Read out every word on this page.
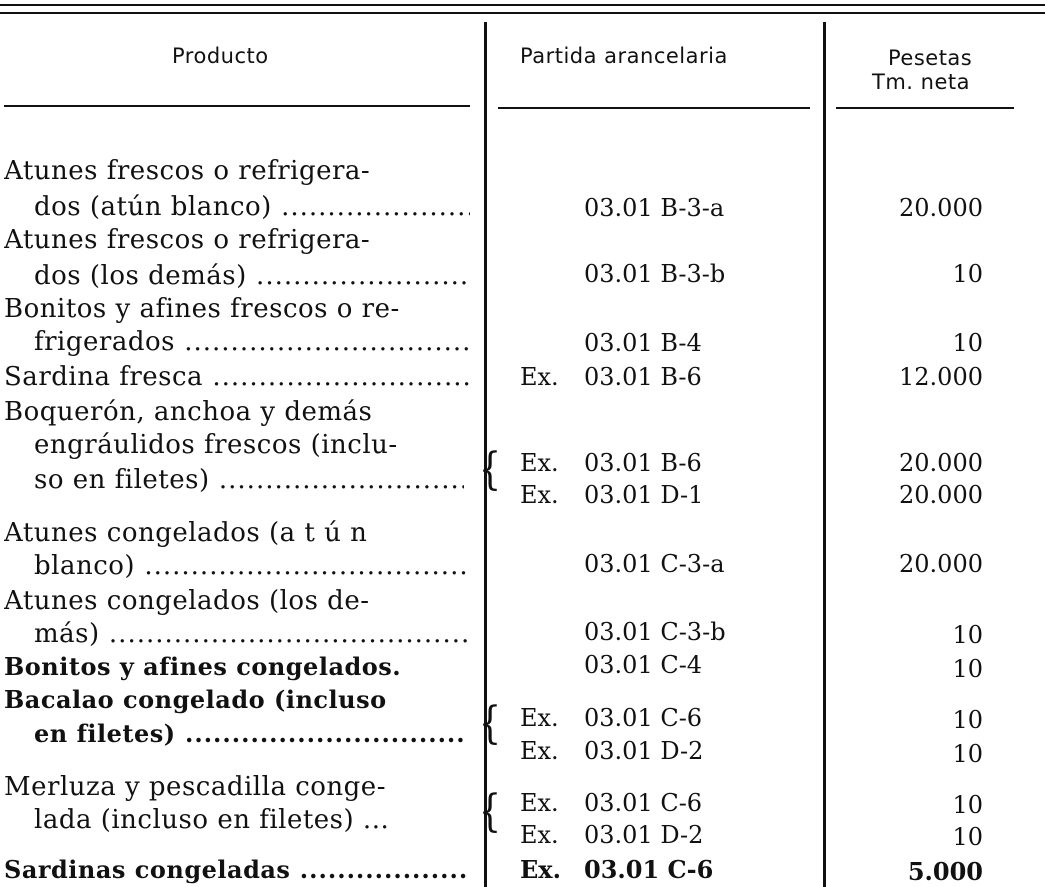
Producto	Partida arancelaria	Pesetas
Tm. neta
Atunes frescos o refrigera-
dos (atún blanco) .....	03.01 B-3-a	20.000
Atunes frescos o refrigera-
dos (los demás) .....	03.01 B-3-b	10
Bonitos y afines frescos o re-
frigerados .....	03.01 B-4	10
Sardina fresca .....	Ex. 03.01 B-6	12.000
Boquerón, anchoa y demás
engráulidos frescos (inclu-
so en filetes) .....	{ Ex. 03.01 B-6	20.000
Ex. 03.01 D-1	20.000
Atunes congelados (a t ú n
blanco) .....	03.01 C-3-a	20.000
Atunes congelados (los de-
más) .....	03.01 C-3-b	10
Bonitos y afines congelados.	03.01 C-4	10
Bacalao congelado (incluso
en filetes) .....	{ Ex. 03.01 C-6	10
Ex. 03.01 D-2	10
Merluza y pescadilla conge-
lada (incluso en filetes) ...	{ Ex. 03.01 C-6	10
Ex. 03.01 D-2	10
Sardinas congeladas .....	Ex. 03.01 C-6	5.000
